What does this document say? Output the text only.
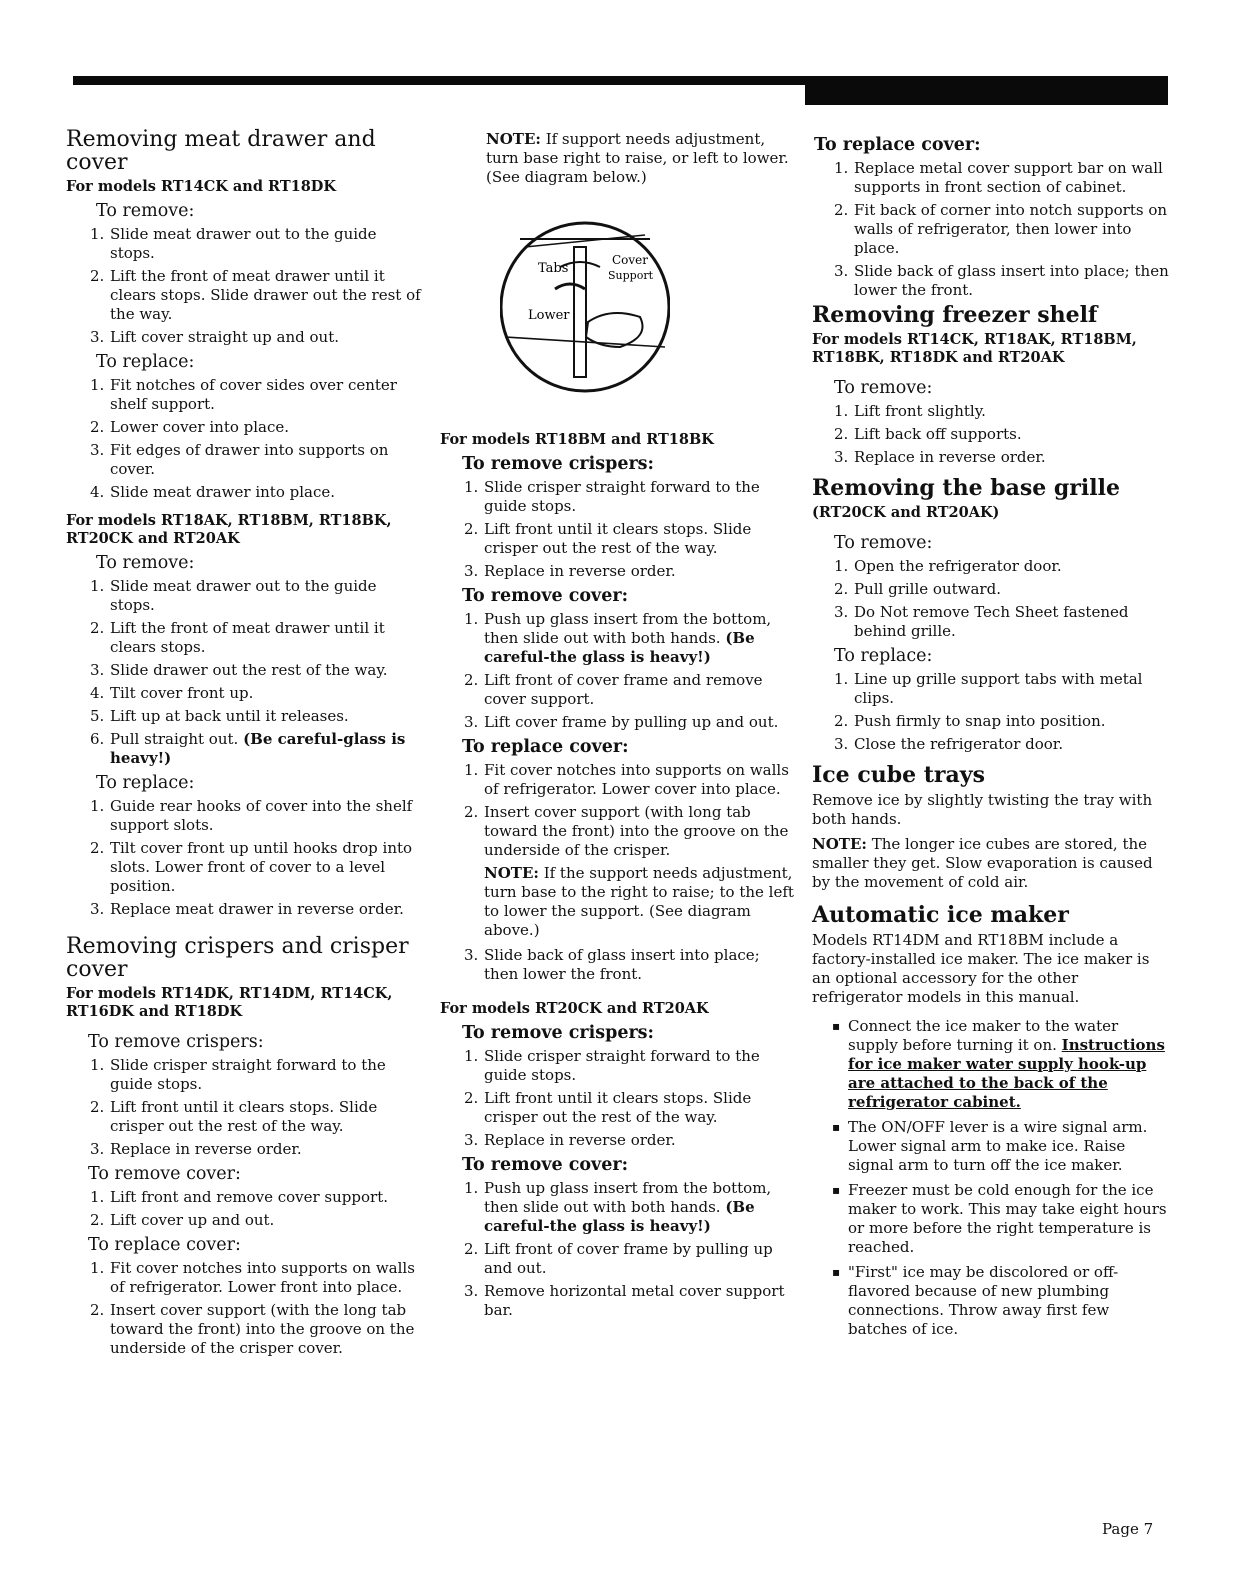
Removing meat drawer and cover
For models RT14CK and RT18DK
To remove:
1. Slide meat drawer out to the guide stops.
2. Lift the front of meat drawer until it clears stops. Slide drawer out the rest of the way.
3. Lift cover straight up and out.
To replace:
1. Fit notches of cover sides over center shelf support.
2. Lower cover into place.
3. Fit edges of drawer into supports on cover.
4. Slide meat drawer into place.
For models RT18AK, RT18BM, RT18BK, RT20CK and RT20AK
To remove:
1. Slide meat drawer out to the guide stops.
2. Lift the front of meat drawer until it clears stops.
3. Slide drawer out the rest of the way.
4. Tilt cover front up.
5. Lift up at back until it releases.
6. Pull straight out. (Be careful-glass is heavy!)
To replace:
1. Guide rear hooks of cover into the shelf support slots.
2. Tilt cover front up until hooks drop into slots. Lower front of cover to a level position.
3. Replace meat drawer in reverse order.
Removing crispers and crisper cover
For models RT14DK, RT14DM, RT14CK, RT16DK and RT18DK
To remove crispers:
1. Slide crisper straight forward to the guide stops.
2. Lift front until it clears stops. Slide crisper out the rest of the way.
3. Replace in reverse order.
To remove cover:
1. Lift front and remove cover support.
2. Lift cover up and out.
To replace cover:
1. Fit cover notches into supports on walls of refrigerator. Lower front into place.
2. Insert cover support (with the long tab toward the front) into the groove on the underside of the crisper cover.

NOTE: If support needs adjustment, turn base right to raise, or left to lower. (See diagram below.)

Tabs
Cover
Support
Lower
For models RT18BM and RT18BK
To remove crispers:
1. Slide crisper straight forward to the guide stops.
2. Lift front until it clears stops. Slide crisper out the rest of the way.
3. Replace in reverse order.
To remove cover:
1. Push up glass insert from the bottom, then slide out with both hands. (Be careful-the glass is heavy!)
2. Lift front of cover frame and remove cover support.
3. Lift cover frame by pulling up and out.
To replace cover:
1. Fit cover notches into supports on walls of refrigerator. Lower cover into place.
2. Insert cover support (with long tab toward the front) into the groove on the underside of the crisper.

NOTE: If the support needs adjustment, turn base to the right to raise; to the left to lower the support. (See diagram above.)

3. Slide back of glass insert into place; then lower the front.
For models RT20CK and RT20AK
To remove crispers:
1. Slide crisper straight forward to the guide stops.
2. Lift front until it clears stops. Slide crisper out the rest of the way.
3. Replace in reverse order.
To remove cover:
1. Push up glass insert from the bottom, then slide out with both hands. (Be careful-the glass is heavy!)
2. Lift front of cover frame by pulling up and out.
3. Remove horizontal metal cover support bar.
To replace cover:
1. Replace metal cover support bar on wall supports in front section of cabinet.
2. Fit back of corner into notch supports on walls of refrigerator, then lower into place.
3. Slide back of glass insert into place; then lower the front.
Removing freezer shelf
For models RT14CK, RT18AK, RT18BM, RT18BK, RT18DK and RT20AK
To remove:
1. Lift front slightly.
2. Lift back off supports.
3. Replace in reverse order.
Removing the base grille
(RT20CK and RT20AK)
To remove:
1. Open the refrigerator door.
2. Pull grille outward.
3. Do Not remove Tech Sheet fastened behind grille.
To replace:
1. Line up grille support tabs with metal clips.
2. Push firmly to snap into position.
3. Close the refrigerator door.
Ice cube trays

Remove ice by slightly twisting the tray with both hands.

NOTE: The longer ice cubes are stored, the smaller they get. Slow evaporation is caused by the movement of cold air.

Automatic ice maker

Models RT14DM and RT18BM include a factory-installed ice maker. The ice maker is an optional accessory for the other refrigerator models in this manual.

▪ Connect the ice maker to the water supply before turning it on. Instructions for ice maker water supply hook-up are attached to the back of the refrigerator cabinet.
▪ The ON/OFF lever is a wire signal arm. Lower signal arm to make ice. Raise signal arm to turn off the ice maker.
▪ Freezer must be cold enough for the ice maker to work. This may take eight hours or more before the right temperature is reached.
▪ "First" ice may be discolored or off-flavored because of new plumbing connections. Throw away first few batches of ice.
Page 7
